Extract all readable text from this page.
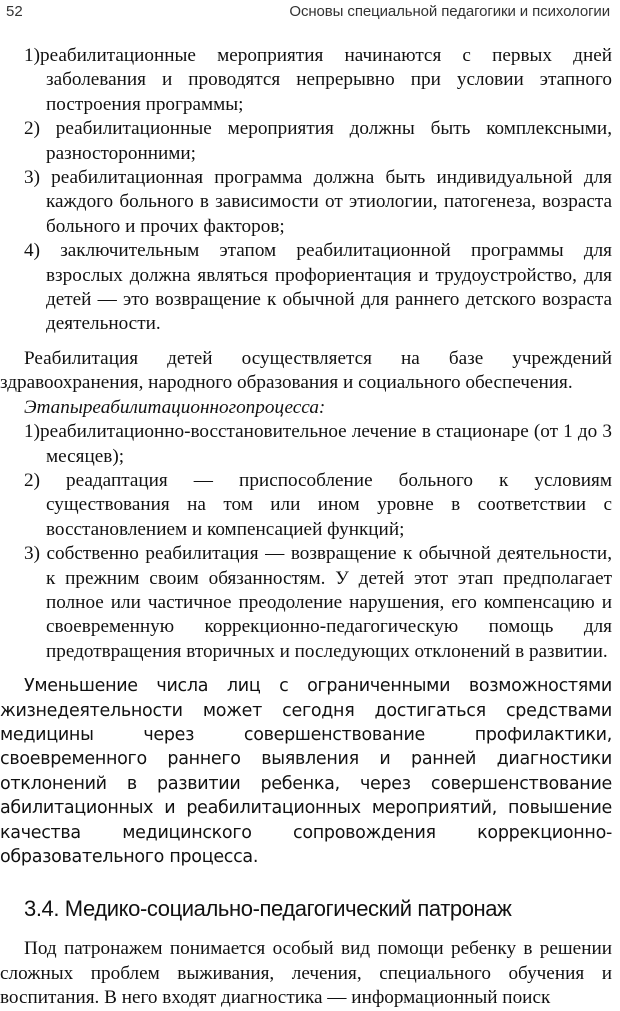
52	Основы специальной педагогики и психологии
1)реабилитационные мероприятия начинаются с первых дней заболевания и проводятся непрерывно при условии этапного построения программы;
2) реабилитационные мероприятия должны быть комплексными, разносторонними;
3) реабилитационная программа должна быть индивидуальной для каждого больного в зависимости от этиологии, патогенеза, возраста больного и прочих факторов;
4) заключительным этапом реабилитационной программы для взрослых должна являться профориентация и трудоустройство, для детей — это возвращение к обычной для раннего детского возраста деятельности.

Реабилитация детей осуществляется на базе учреждений здравоохранения, народного образования и социального обеспечения.

Этапыреабилитационногопроцесса:

1)реабилитационно-восстановительное лечение в стационаре (от 1 до 3 месяцев);
2) реадаптация — приспособление больного к условиям существования на том или ином уровне в соответствии с восстановлением и компенсацией функций;
3) собственно реабилитация — возвращение к обычной деятельности, к прежним своим обязанностям. У детей этот этап предполагает полное или частичное преодоление нарушения, его компенсацию и своевременную коррекционно-педагогическую помощь для предотвращения вторичных и последующих отклонений в развитии.

Уменьшение числа лиц с ограниченными возможностями жизнедеятельности может сегодня достигаться средствами медицины через совершенствование профилактики, своевременного раннего выявления и ранней диагностики отклонений в развитии ребенка, через совершенствование абилитационных и реабилитационных мероприятий, повышение качества медицинского сопровождения коррекционно-образовательного процесса.

3.4. Медико-социально-педагогический патронаж

Под патронажем понимается особый вид помощи ребенку в решении сложных проблем выживания, лечения, специального обучения и воспитания. В него входят диагностика — информационный поиск
